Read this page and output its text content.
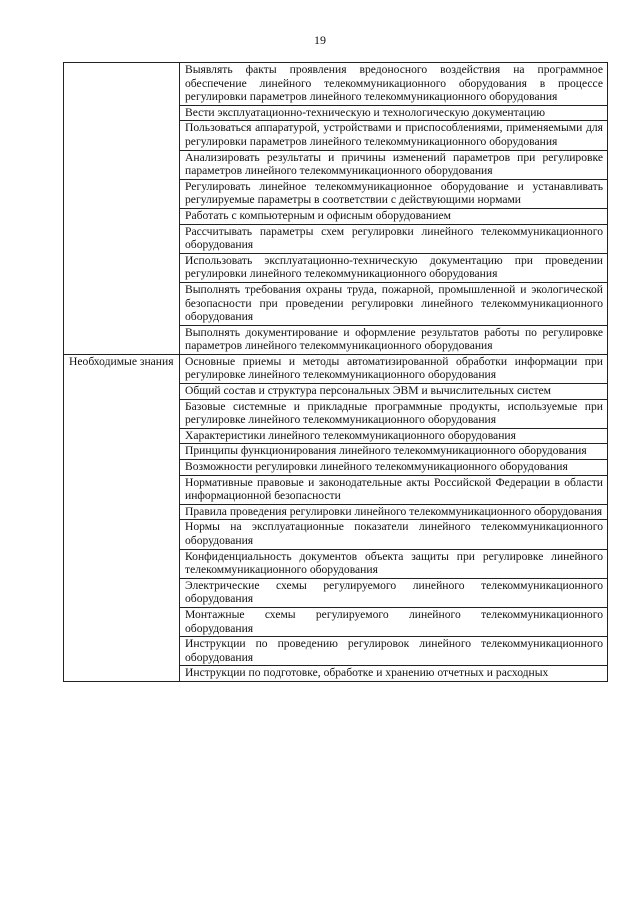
19
	Выявлять факты проявления вредоносного воздействия на программное обеспечение линейного телекоммуникационного оборудования в процессе регулировки параметров линейного телекоммуникационного оборудования
	Вести эксплуатационно-техническую и технологическую документацию
	Пользоваться аппаратурой, устройствами и приспособлениями, применяемыми для регулировки параметров линейного телекоммуникационного оборудования
	Анализировать результаты и причины изменений параметров при регулировке параметров линейного телекоммуникационного оборудования
	Регулировать линейное телекоммуникационное оборудование и устанавливать регулируемые параметры в соответствии с действующими нормами
	Работать с компьютерным и офисным оборудованием
	Рассчитывать параметры схем регулировки линейного телекоммуникационного оборудования
	Использовать эксплуатационно-техническую документацию при проведении регулировки линейного телекоммуникационного оборудования
	Выполнять требования охраны труда, пожарной, промышленной и экологической безопасности при проведении регулировки линейного телекоммуникационного оборудования
	Выполнять документирование и оформление результатов работы по регулировке параметров линейного телекоммуникационного оборудования
Необходимые знания	Основные приемы и методы автоматизированной обработки информации при регулировке линейного телекоммуникационного оборудования
	Общий состав и структура персональных ЭВМ и вычислительных систем
	Базовые системные и прикладные программные продукты, используемые при регулировке линейного телекоммуникационного оборудования
	Характеристики линейного телекоммуникационного оборудования
	Принципы функционирования линейного телекоммуникационного оборудования
	Возможности регулировки линейного телекоммуникационного оборудования
	Нормативные правовые и законодательные акты Российской Федерации в области информационной безопасности
	Правила проведения регулировки линейного телекоммуникационного оборудования
	Нормы на эксплуатационные показатели линейного телекоммуникационного оборудования
	Конфиденциальность документов объекта защиты при регулировке линейного телекоммуникационного оборудования
	Электрические схемы регулируемого линейного телекоммуникационного оборудования
	Монтажные схемы регулируемого линейного телекоммуникационного оборудования
	Инструкции по проведению регулировок линейного телекоммуникационного оборудования
	Инструкции по подготовке, обработке и хранению отчетных и расходных
